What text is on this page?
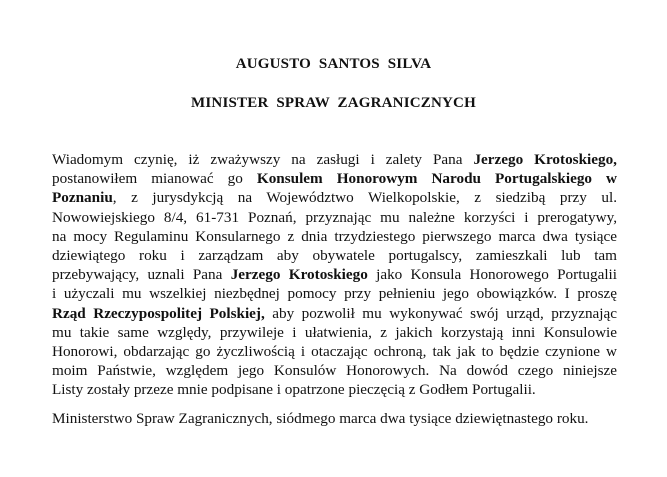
AUGUSTO  SANTOS  SILVA
MINISTER  SPRAW  ZAGRANICZNYCH

Wiadomym czynię, iż zważywszy na zasługi i zalety Pana Jerzego Krotoskiego,
postanowiłem mianować go Konsulem Honorowym Narodu Portugalskiego w
Poznaniu, z jurysdykcją na Województwo Wielkopolskie, z siedzibą przy ul.
Nowowiejskiego 8/4, 61-731 Poznań, przyznając mu należne korzyści i prerogatywy,
na mocy Regulaminu Konsularnego z dnia trzydziestego pierwszego marca dwa tysiące
dziewiątego roku i zarządzam aby obywatele portugalscy, zamieszkali lub tam
przebywający, uznali Pana Jerzego Krotoskiego jako Konsula Honorowego Portugalii
i użyczali mu wszelkiej niezbędnej pomocy przy pełnieniu jego obowiązków. I proszę
Rząd Rzeczypospolitej Polskiej, aby pozwolił mu wykonywać swój urząd, przyznając
mu takie same względy, przywileje i ułatwienia, z jakich korzystają inni Konsulowie
Honorowi, obdarzając go życzliwością i otaczając ochroną, tak jak to będzie czynione w
moim Państwie, względem jego Konsulów Honorowych. Na dowód czego niniejsze
Listy zostały przeze mnie podpisane i opatrzone pieczęcią z Godłem Portugalii.

Ministerstwo Spraw Zagranicznych, siódmego marca dwa tysiące dziewiętnastego roku.
